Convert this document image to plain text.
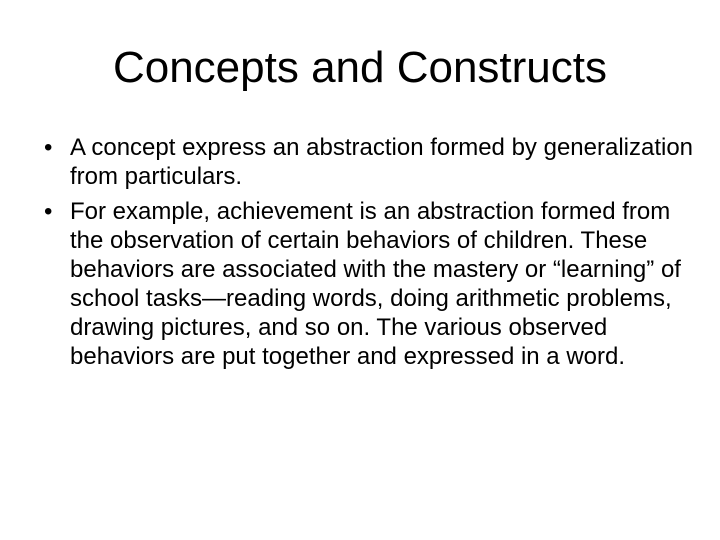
Concepts and Constructs
• A concept express an abstraction formed by generalization from particulars.
• For example, achievement is an abstraction formed from the observation of certain behaviors of children. These behaviors are associated with the mastery or “learning” of school tasks—reading words, doing arithmetic problems, drawing pictures, and so on. The various observed behaviors are put together and expressed in a word.
